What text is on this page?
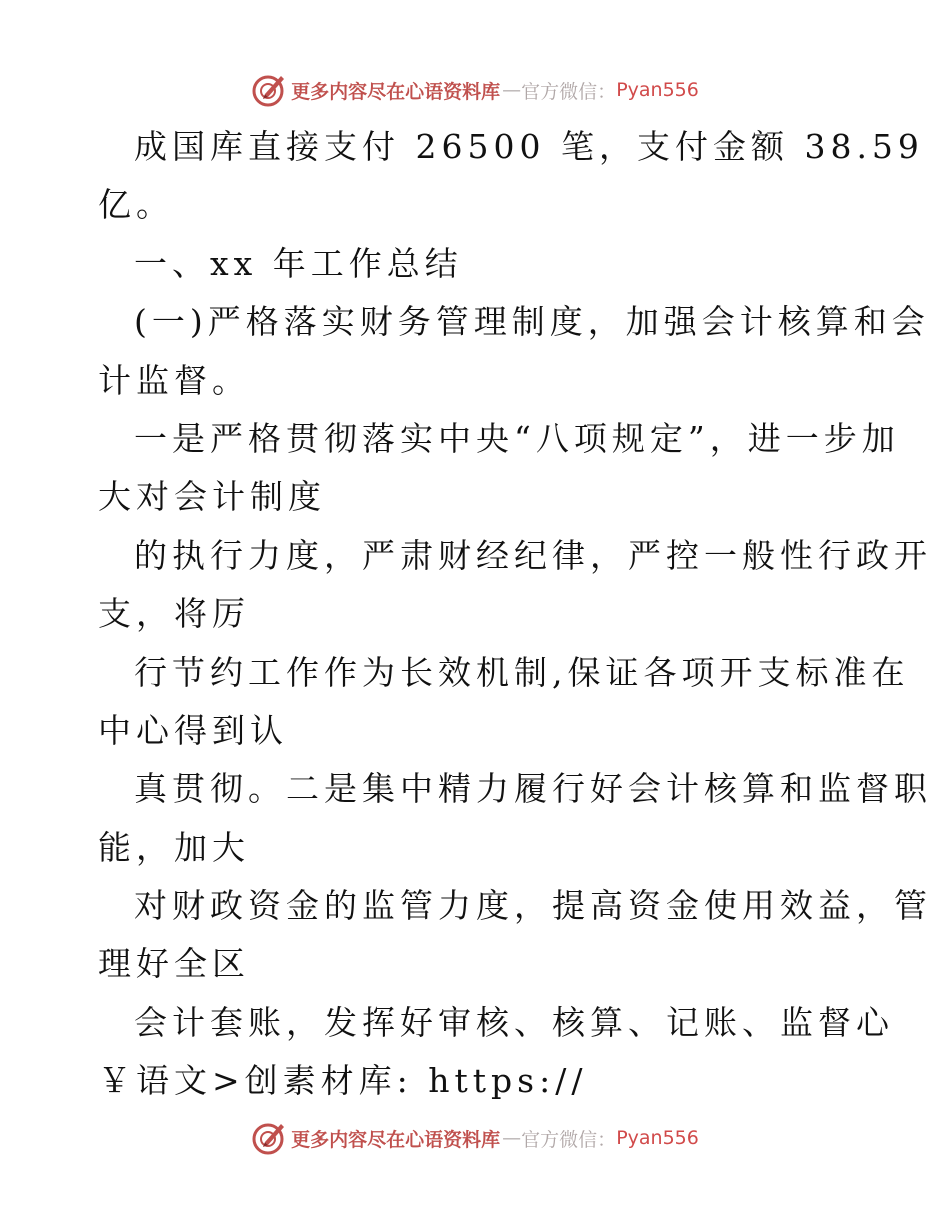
更多内容尽在心语资料库 — 官方微信： Pyan556
成国库直接支付 26500 笔，支付金额 38.59
亿。
一、xx 年工作总结
(一)严格落实财务管理制度，加强会计核算和会
计监督。
一是严格贯彻落实中央“八项规定”，进一步加
大对会计制度
的执行力度，严肃财经纪律，严控一般性行政开
支，将厉
行节约工作作为长效机制,保证各项开支标准在
中心得到认
真贯彻。二是集中精力履行好会计核算和监督职
能，加大
对财政资金的监管力度，提高资金使用效益，管
理好全区
会计套账，发挥好审核、核算、记账、监督心
￥语文>创素材库: https://
更多内容尽在心语资料库 — 官方微信： Pyan556
